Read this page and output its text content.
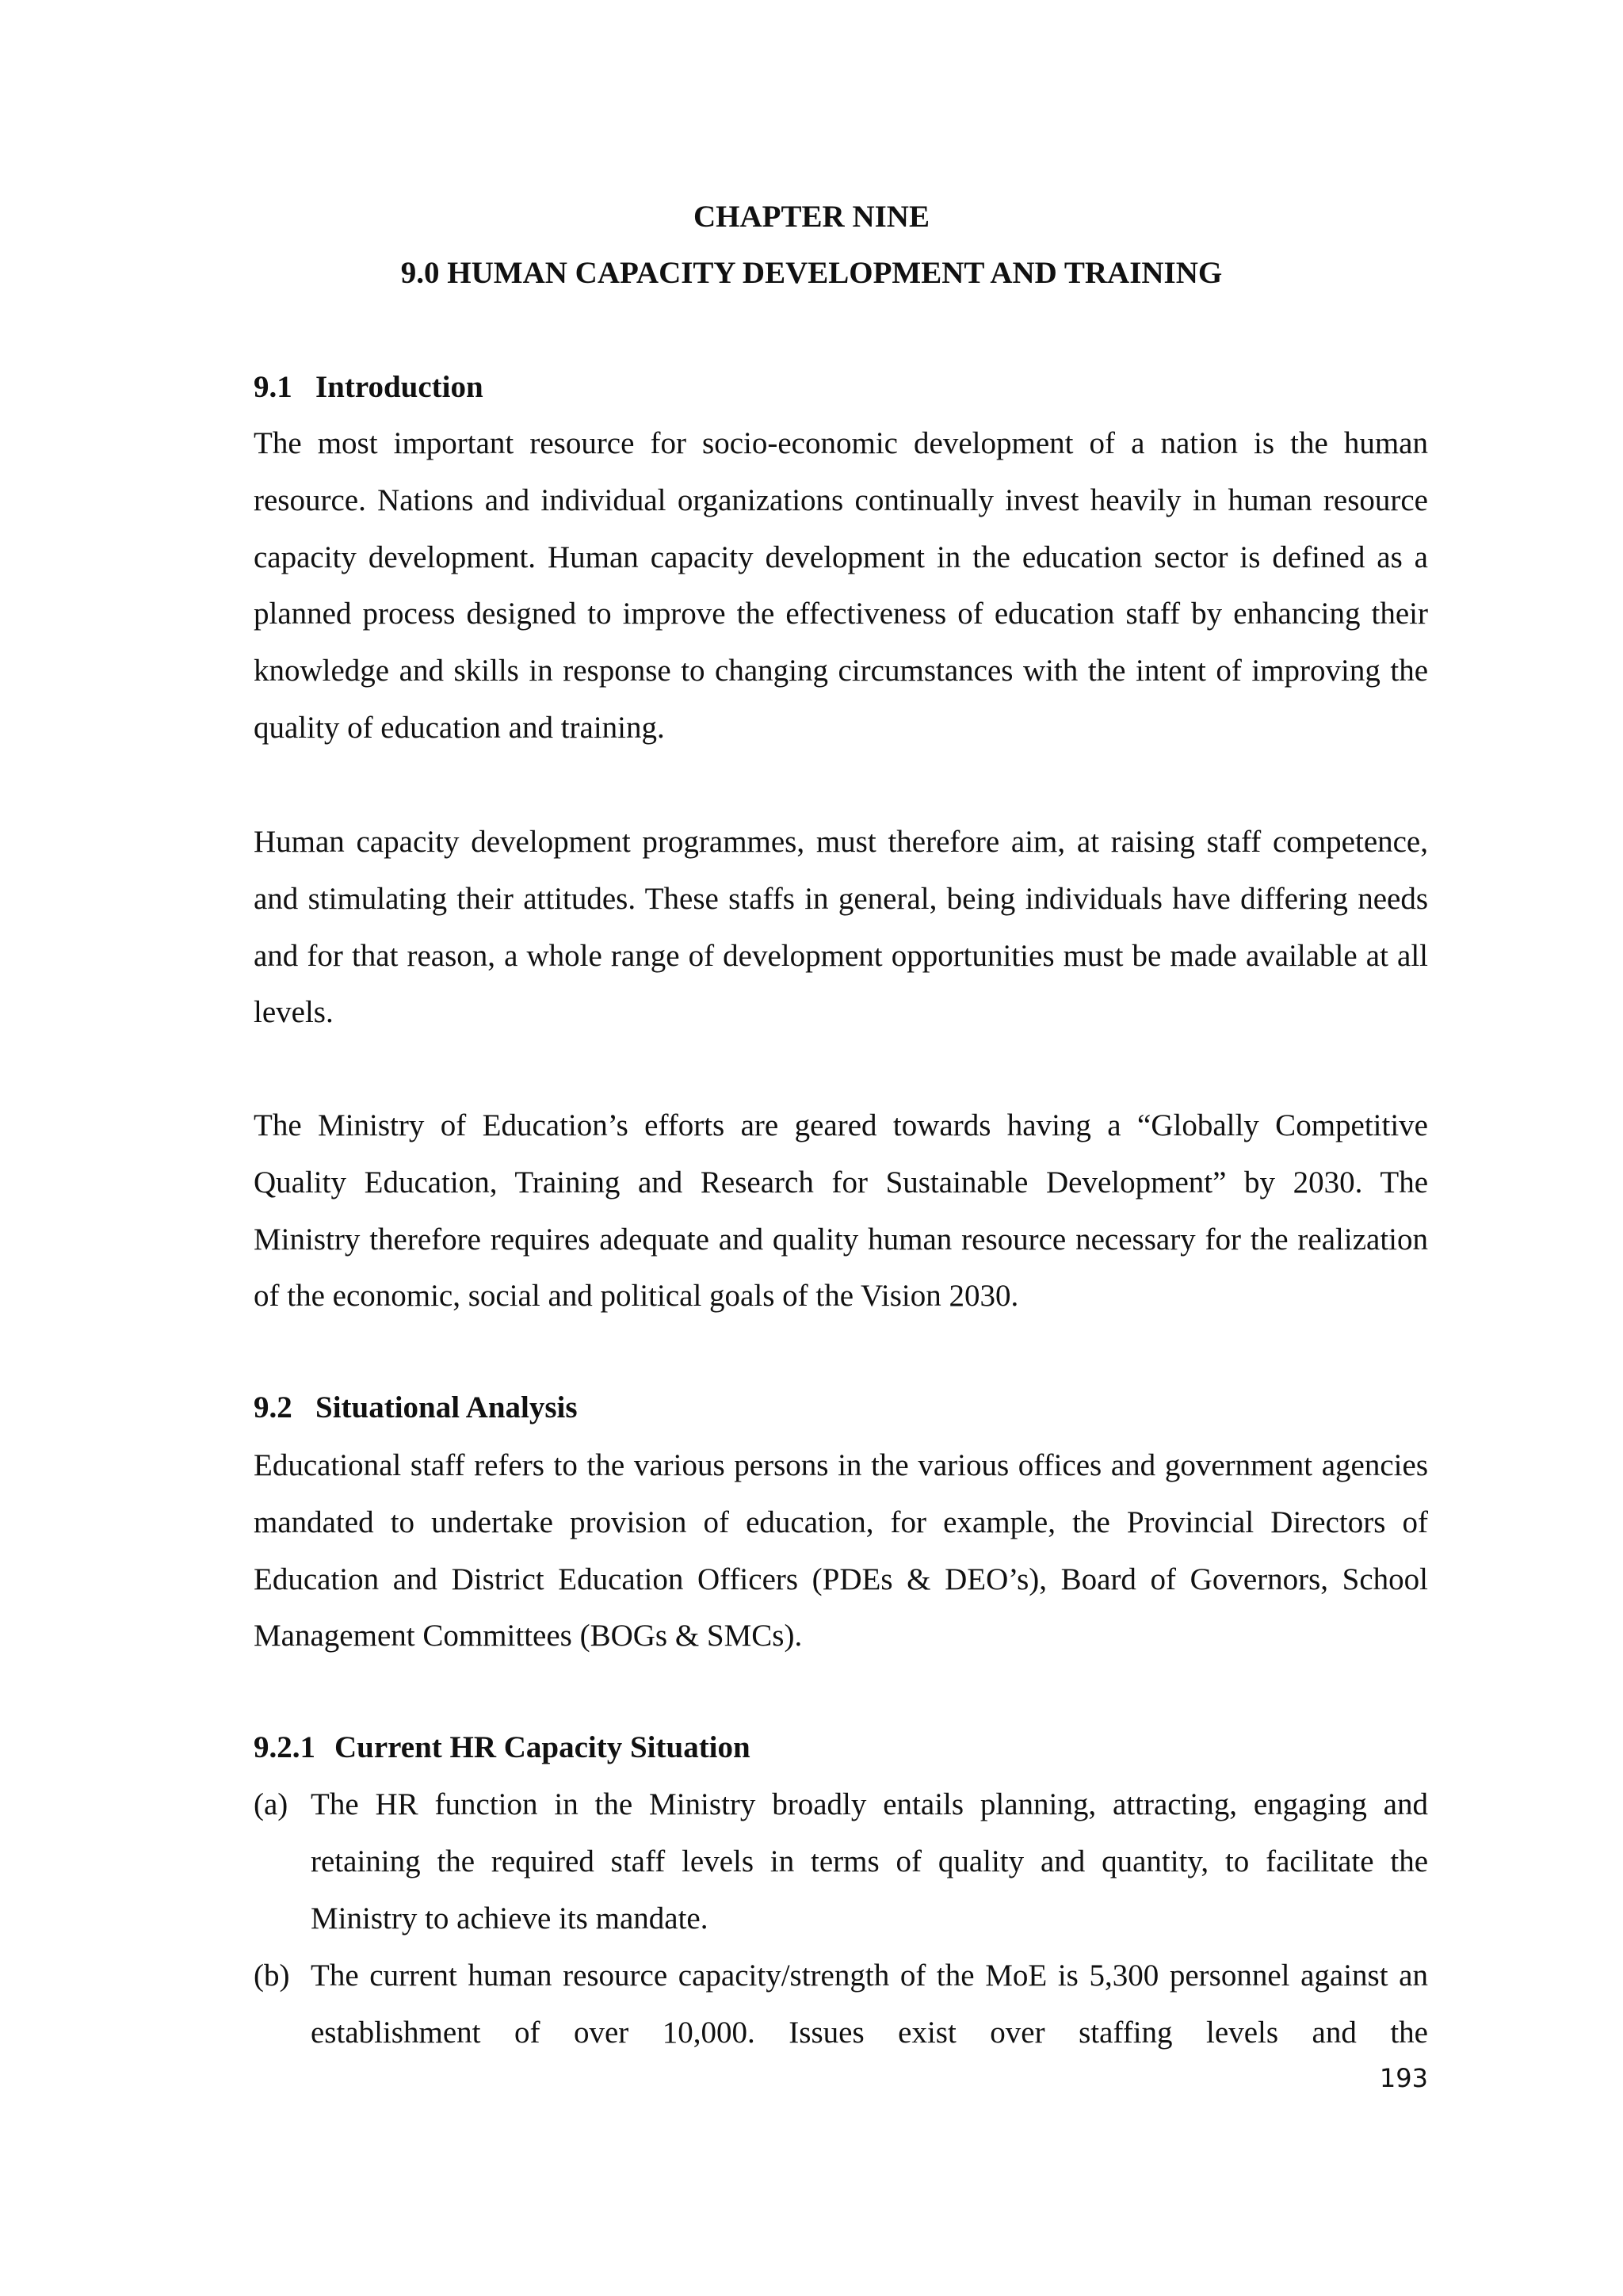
CHAPTER NINE
9.0 HUMAN CAPACITY DEVELOPMENT AND TRAINING
9.1 Introduction
The most important resource for socio-economic development of a nation is the human resource. Nations and individual organizations continually invest heavily in human resource capacity development. Human capacity development in the education sector is defined as a planned process designed to improve the effectiveness of education staff by enhancing their knowledge and skills in response to changing circumstances with the intent of improving the quality of education and training.
Human capacity development programmes, must therefore aim, at raising staff competence, and stimulating their attitudes. These staffs in general, being individuals have differing needs and for that reason, a whole range of development opportunities must be made available at all levels.
The Ministry of Education’s efforts are geared towards having a “Globally Competitive Quality Education, Training and Research for Sustainable Development” by 2030. The Ministry therefore requires adequate and quality human resource necessary for the realization of the economic, social and political goals of the Vision 2030.
9.2 Situational Analysis
Educational staff refers to the various persons in the various offices and government agencies mandated to undertake provision of education, for example, the Provincial Directors of Education and District Education Officers (PDEs & DEO’s), Board of Governors, School Management Committees (BOGs & SMCs).
9.2.1 Current HR Capacity Situation
(a) The HR function in the Ministry broadly entails planning, attracting, engaging and retaining the required staff levels in terms of quality and quantity, to facilitate the Ministry to achieve its mandate.
(b) The current human resource capacity/strength of the MoE is 5,300 personnel against an establishment of over 10,000. Issues exist over staffing levels and the
193
